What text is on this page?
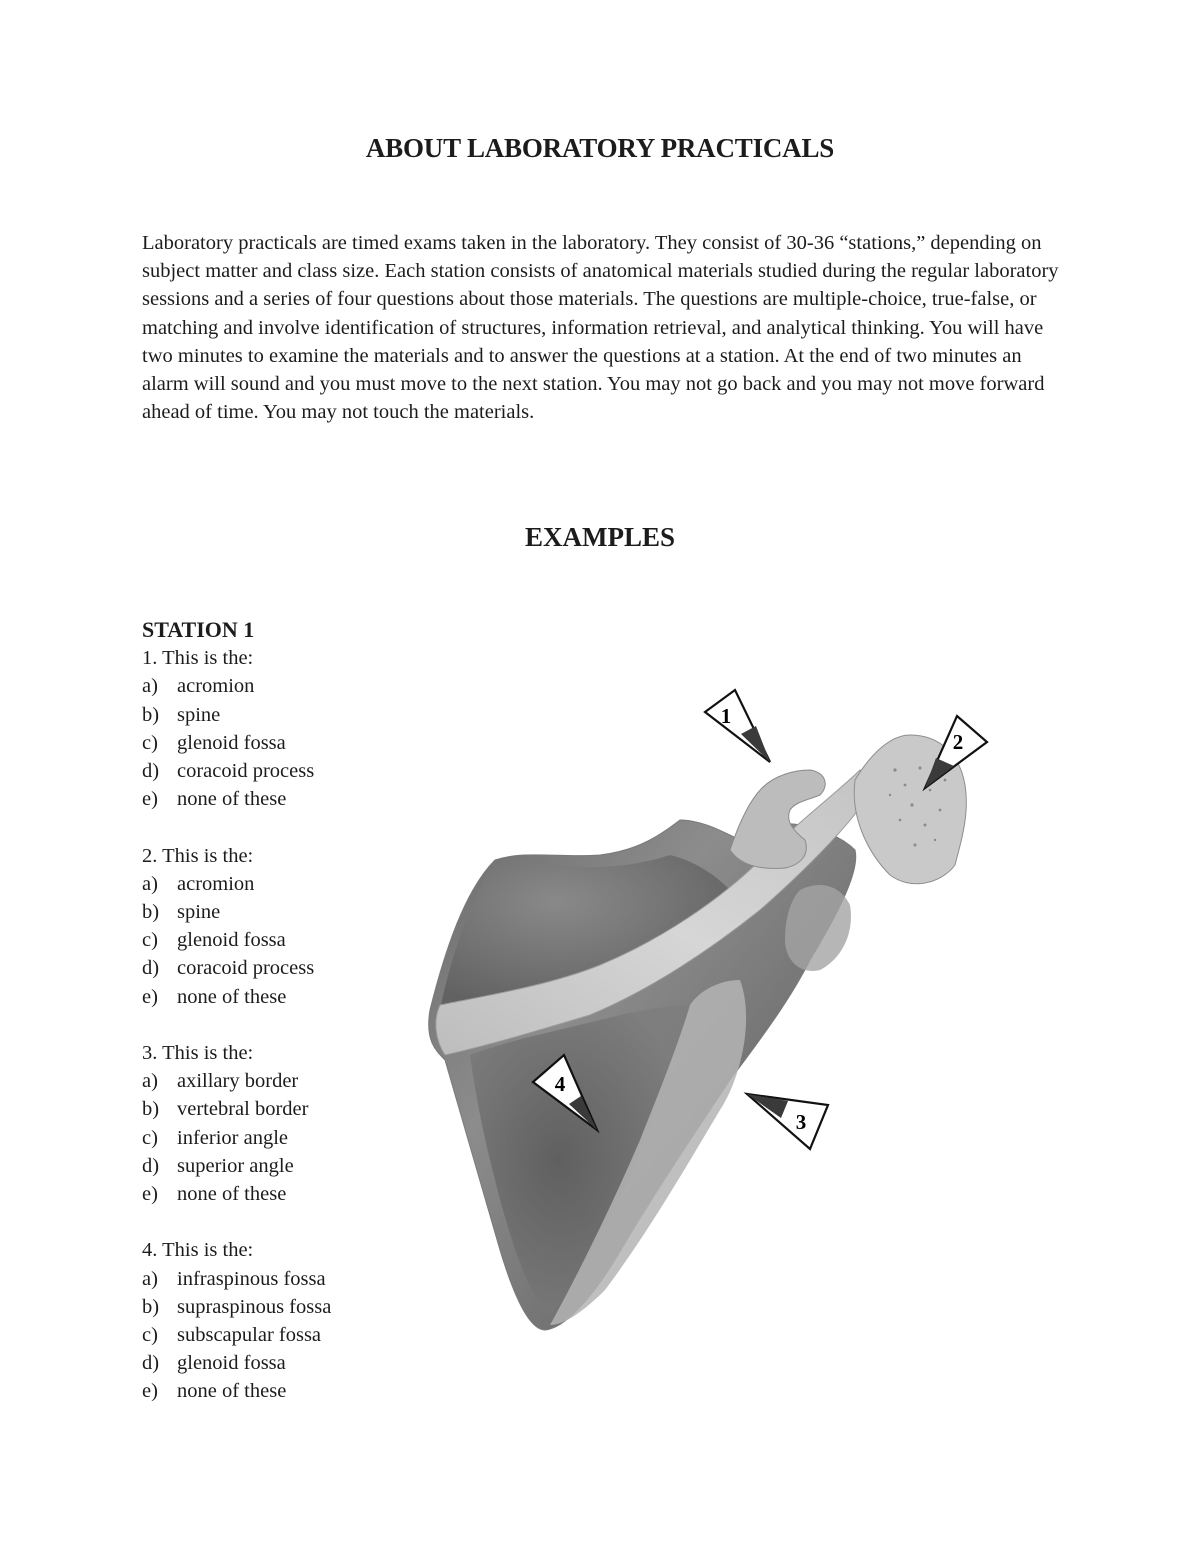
ABOUT LABORATORY PRACTICALS

Laboratory practicals are timed exams taken in the laboratory. They consist of 30-36 “stations,” depending on subject matter and class size. Each station consists of anatomical materials studied during the regular laboratory sessions and a series of four questions about those materials. The questions are multiple-choice, true-false, or matching and involve identification of structures, information retrieval, and analytical thinking. You will have two minutes to examine the materials and to answer the questions at a station. At the end of two minutes an alarm will sound and you must move to the next station. You may not go back and you may not move forward ahead of time. You may not touch the materials.

EXAMPLES
STATION 1

1. This is the:

a) acromion
b) spine
c) glenoid fossa
d) coracoid process
e) none of these

2. This is the:

a) acromion
b) spine
c) glenoid fossa
d) coracoid process
e) none of these

3. This is the:

a) axillary border
b) vertebral border
c) inferior angle
d) superior angle
e) none of these

4. This is the:

a) infraspinous fossa
b) supraspinous fossa
c) subscapular fossa
d) glenoid fossa
e) none of these
1
2
3
4
